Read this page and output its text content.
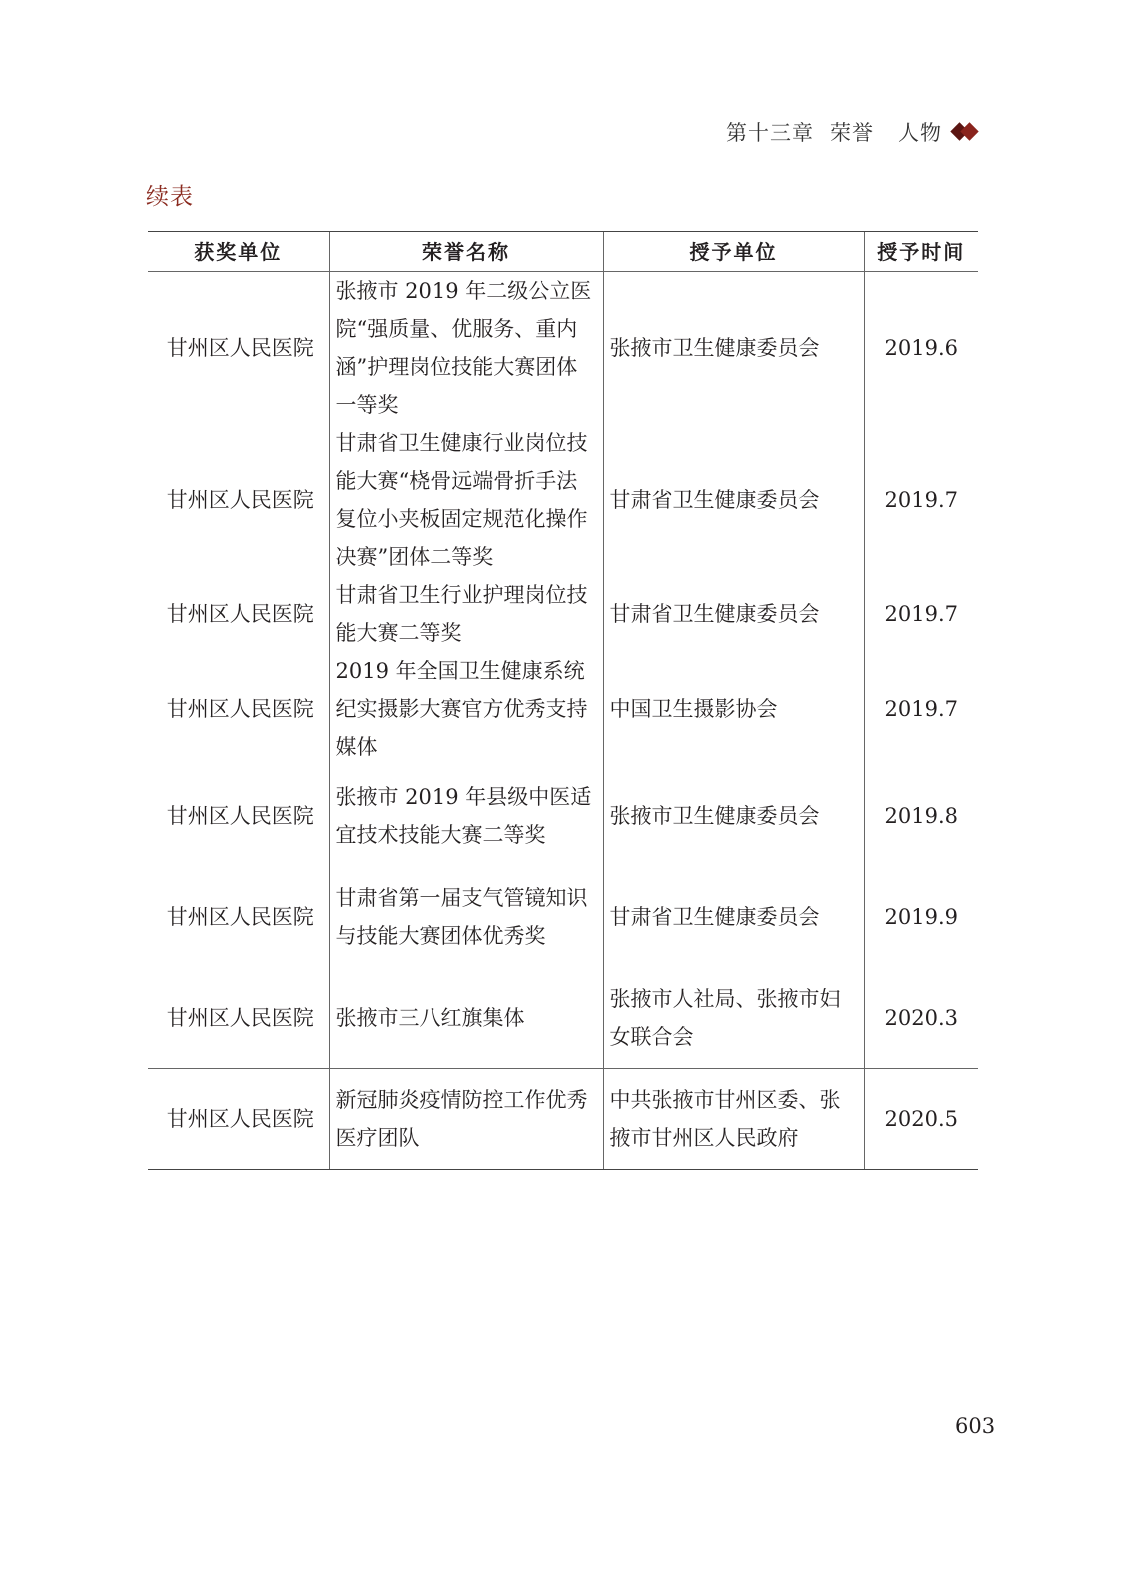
第十三章 荣誉 人物
续表
获奖单位	荣誉名称	授予单位	授予时间
甘州区人民医院	张掖市 2019 年二级公立医院“强质量、优服务、重内涵”护理岗位技能大赛团体一等奖	张掖市卫生健康委员会	2019.6
甘州区人民医院	甘肃省卫生健康行业岗位技能大赛“桡骨远端骨折手法复位小夹板固定规范化操作决赛”团体二等奖	甘肃省卫生健康委员会	2019.7
甘州区人民医院	甘肃省卫生行业护理岗位技能大赛二等奖	甘肃省卫生健康委员会	2019.7
甘州区人民医院	2019 年全国卫生健康系统纪实摄影大赛官方优秀支持媒体	中国卫生摄影协会	2019.7
甘州区人民医院	张掖市 2019 年县级中医适宜技术技能大赛二等奖	张掖市卫生健康委员会	2019.8
甘州区人民医院	甘肃省第一届支气管镜知识与技能大赛团体优秀奖	甘肃省卫生健康委员会	2019.9
甘州区人民医院	张掖市三八红旗集体	张掖市人社局、张掖市妇女联合会	2020.3
甘州区人民医院	新冠肺炎疫情防控工作优秀医疗团队	中共张掖市甘州区委、张掖市甘州区人民政府	2020.5
603
